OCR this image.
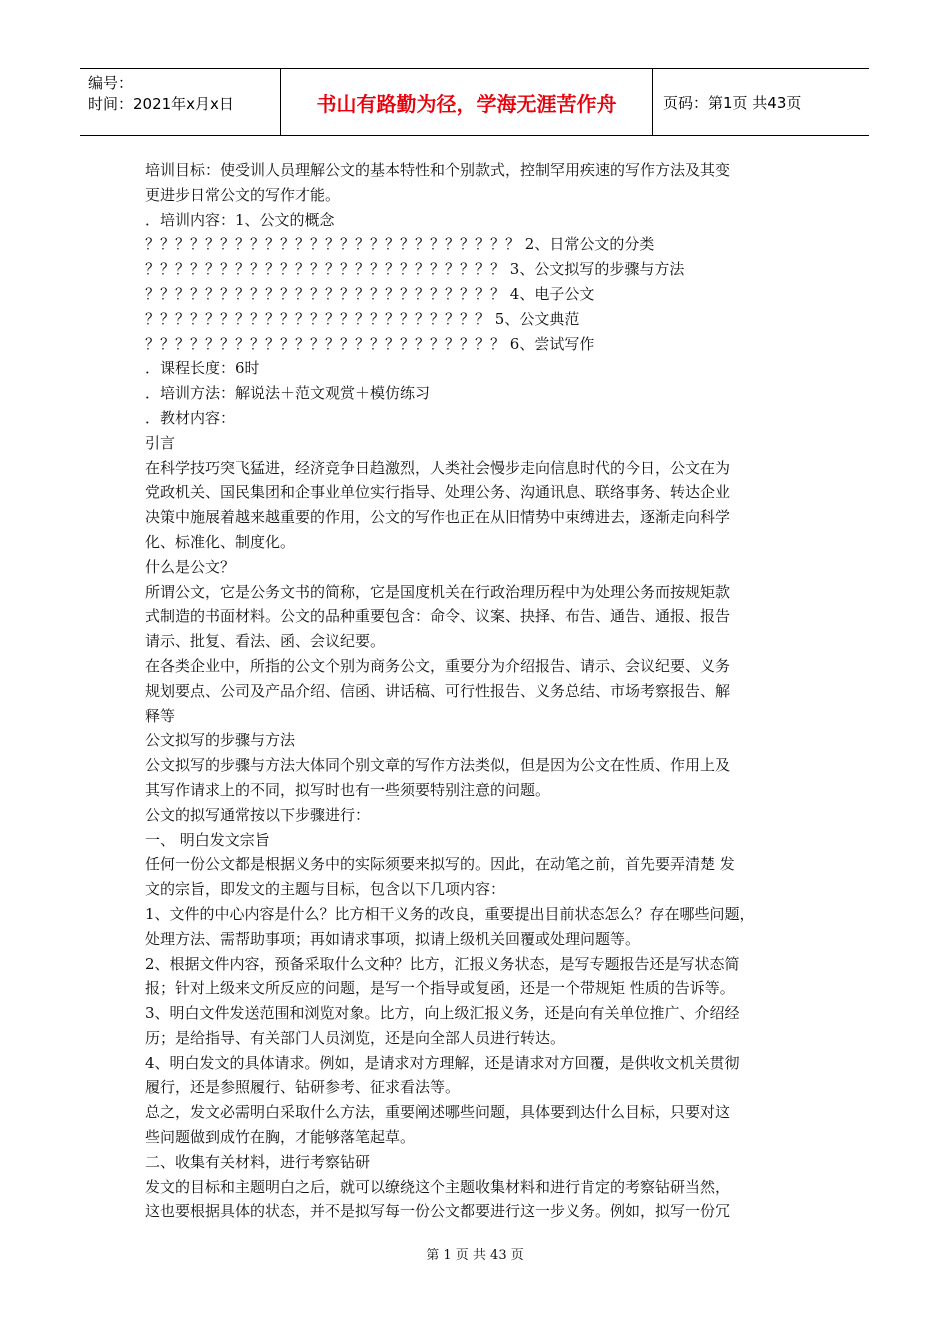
编号：
时间：2021年x月x日	书山有路勤为径，学海无涯苦作舟	页码：第1页 共43页
培训目标：使受训人员理解公文的基本特性和个别款式，控制罕用疾速的写作方法及其变
更进步日常公文的写作才能。
．培训内容：1、公文的概念
？？？？？？？？？？？？？？？？？？？？？？？？？ 2、日常公文的分类
？？？？？？？？？？？？？？？？？？？？？？？？ 3、公文拟写的步骤与方法
？？？？？？？？？？？？？？？？？？？？？？？？ 4、电子公文
？？？？？？？？？？？？？？？？？？？？？？？ 5、公文典范
？？？？？？？？？？？？？？？？？？？？？？？？ 6、尝试写作
．课程长度：6时
．培训方法：解说法＋范文观赏＋模仿练习
．教材内容：
引言
在科学技巧突飞猛进，经济竞争日趋激烈，人类社会慢步走向信息时代的今日，公文在为
党政机关、国民集团和企事业单位实行指导、处理公务、沟通讯息、联络事务、转达企业
决策中施展着越来越重要的作用，公文的写作也正在从旧情势中束缚进去，逐渐走向科学
化、标准化、制度化。
什么是公文？
所谓公文，它是公务文书的简称，它是国度机关在行政治理历程中为处理公务而按规矩款
式制造的书面材料。公文的品种重要包含：命令、议案、抉择、布告、通告、通报、报告
请示、批复、看法、函、会议纪要。
在各类企业中，所指的公文个别为商务公文，重要分为介绍报告、请示、会议纪要、义务
规划要点、公司及产品介绍、信函、讲话稿、可行性报告、义务总结、市场考察报告、解
释等
公文拟写的步骤与方法
公文拟写的步骤与方法大体同个别文章的写作方法类似，但是因为公文在性质、作用上及
其写作请求上的不同，拟写时也有一些须要特别注意的问题。
公文的拟写通常按以下步骤进行：
一、 明白发文宗旨
任何一份公文都是根据义务中的实际须要来拟写的。因此，在动笔之前，首先要弄清楚 发
文的宗旨，即发文的主题与目标，包含以下几项内容：
1、文件的中心内容是什么？比方相干义务的改良，重要提出目前状态怎么？存在哪些问题，
处理方法、需帮助事项；再如请求事项，拟请上级机关回覆或处理问题等。
2、根据文件内容，预备采取什么文种？比方，汇报义务状态，是写专题报告还是写状态简
报；针对上级来文所反应的问题，是写一个指导或复函，还是一个带规矩 性质的告诉等。
3、明白文件发送范围和浏览对象。比方，向上级汇报义务，还是向有关单位推广、介绍经
历；是给指导、有关部门人员浏览，还是向全部人员进行转达。
4、明白发文的具体请求。例如，是请求对方理解，还是请求对方回覆，是供收文机关贯彻
履行，还是参照履行、钻研参考、征求看法等。
总之，发文必需明白采取什么方法，重要阐述哪些问题，具体要到达什么目标，只要对这
些问题做到成竹在胸，才能够落笔起草。
二、收集有关材料，进行考察钻研
发文的目标和主题明白之后，就可以缭绕这个主题收集材料和进行肯定的考察钻研当然，
这也要根据具体的状态，并不是拟写每一份公文都要进行这一步义务。例如，拟写一份冗
第 1 页 共 43 页
